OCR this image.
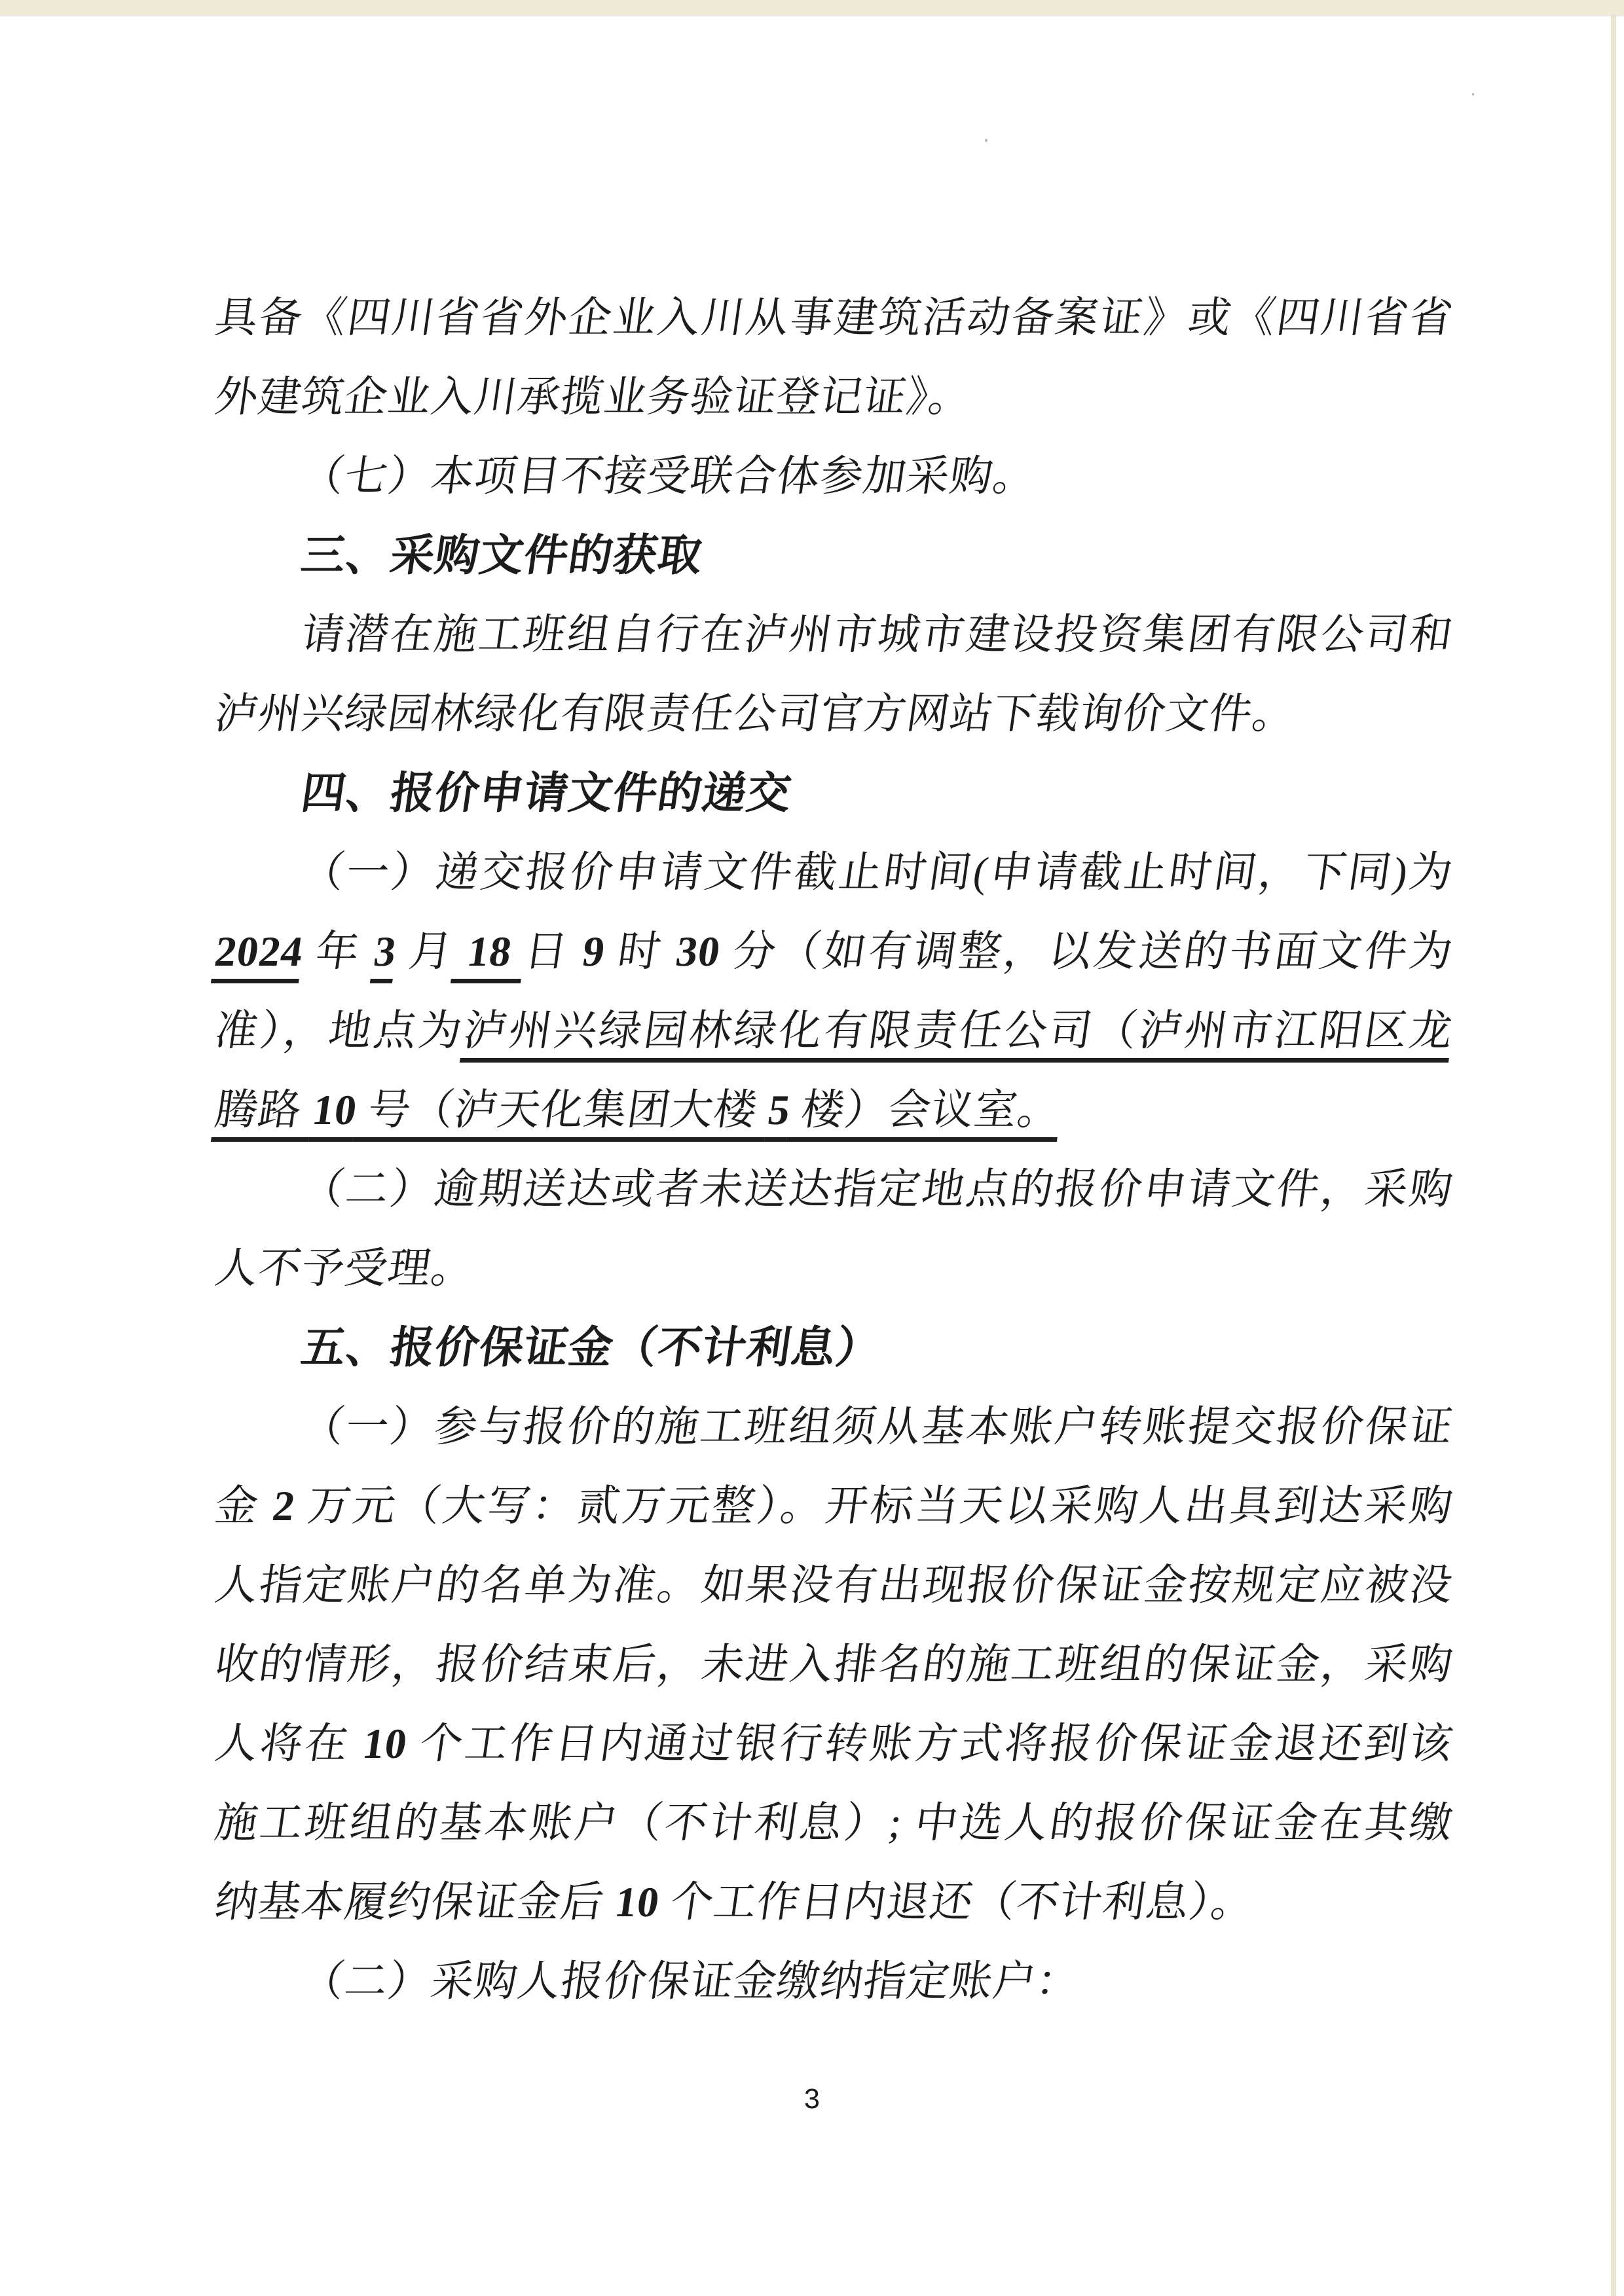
具备《四川省省外企业入川从事建筑活动备案证》或《四川省省
外建筑企业入川承揽业务验证登记证》。
（七）本项目不接受联合体参加采购。
三、采购文件的获取
请潜在施工班组自行在泸州市城市建设投资集团有限公司和
泸州兴绿园林绿化有限责任公司官方网站下载询价文件。
四、报价申请文件的递交
（一）递交报价申请文件截止时间(申请截止时间，下同)为
2024 年 3 月 18 日 9 时 30 分（如有调整，以发送的书面文件为
准），地点为泸州兴绿园林绿化有限责任公司（泸州市江阳区龙
腾路 10 号（泸天化集团大楼 5 楼）会议室。
（二）逾期送达或者未送达指定地点的报价申请文件，采购
人不予受理。
五、报价保证金（不计利息）
（一）参与报价的施工班组须从基本账户转账提交报价保证
金 2 万元（大写：贰万元整）。开标当天以采购人出具到达采购
人指定账户的名单为准。如果没有出现报价保证金按规定应被没
收的情形，报价结束后，未进入排名的施工班组的保证金，采购
人将在 10 个工作日内通过银行转账方式将报价保证金退还到该
施工班组的基本账户（不计利息）; 中选人的报价保证金在其缴
纳基本履约保证金后 10 个工作日内退还（不计利息）。
（二）采购人报价保证金缴纳指定账户：
3
